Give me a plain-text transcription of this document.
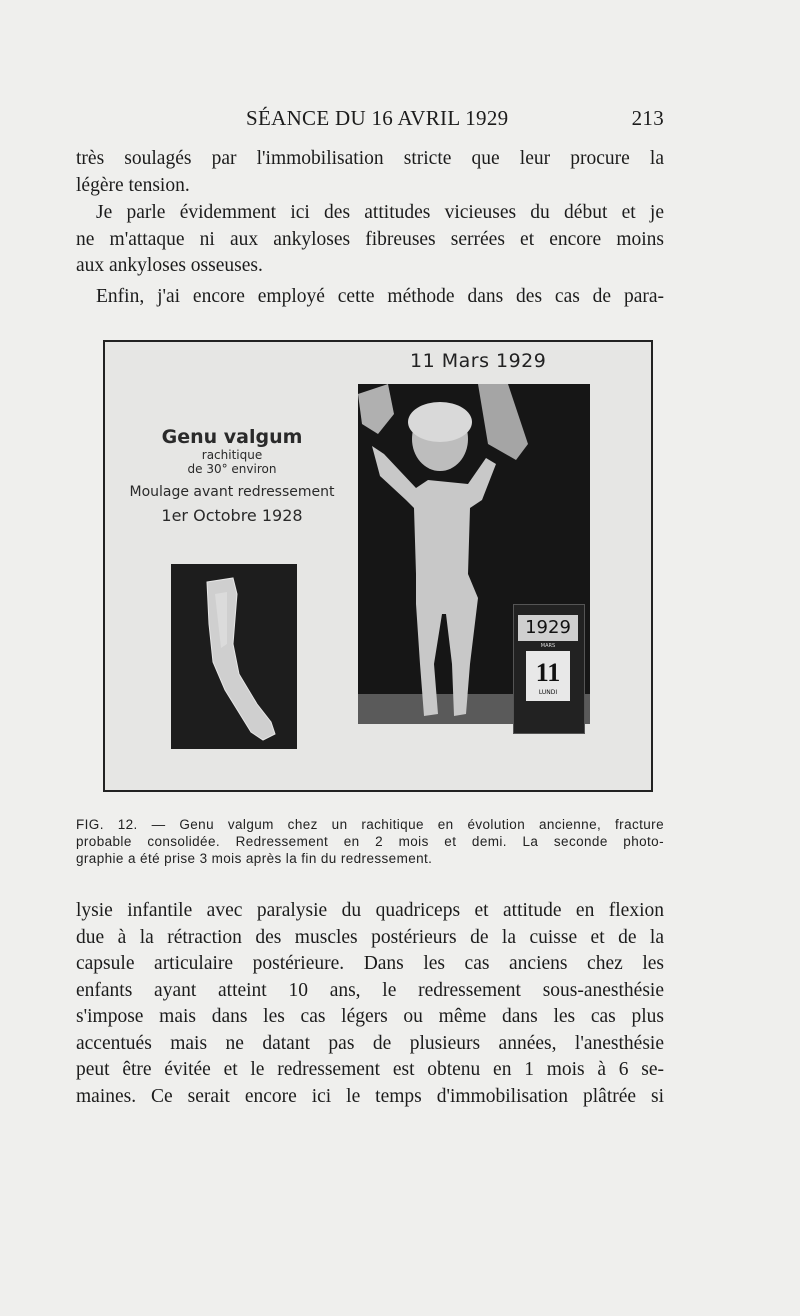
SÉANCE DU 16 AVRIL 1929	213
très soulagés par l'immobilisation stricte que leur procure la
légère tension.
Je parle évidemment ici des attitudes vicieuses du début et je
ne m'attaque ni aux ankyloses fibreuses serrées et encore moins
aux ankyloses osseuses.
Enfin, j'ai encore employé cette méthode dans des cas de para-
11 Mars 1929
Genu valgum
rachitique
de 30° environ
Moulage avant redressement
1er Octobre 1928
1929
11
LUNDI
MARS
FIG. 12. — Genu valgum chez un rachitique en évolution ancienne, fracture
probable consolidée. Redressement en 2 mois et demi. La seconde photo-
graphie a été prise 3 mois après la fin du redressement.
lysie infantile avec paralysie du quadriceps et attitude en flexion
due à la rétraction des muscles postérieurs de la cuisse et de la
capsule articulaire postérieure. Dans les cas anciens chez les
enfants ayant atteint 10 ans, le redressement sous-anesthésie
s'impose mais dans les cas légers ou même dans les cas plus
accentués mais ne datant pas de plusieurs années, l'anesthésie
peut être évitée et le redressement est obtenu en 1 mois à 6 se-
maines. Ce serait encore ici le temps d'immobilisation plâtrée si
